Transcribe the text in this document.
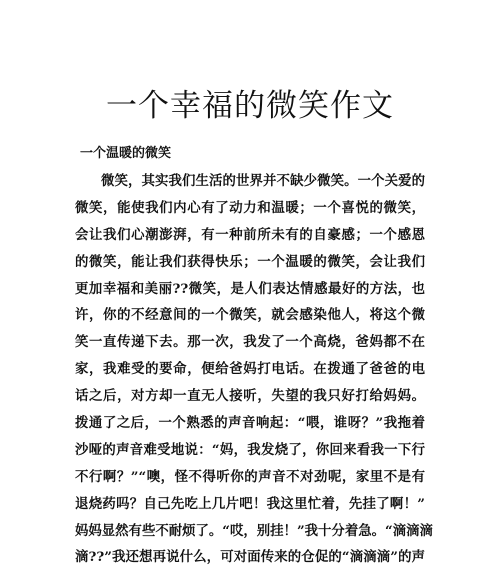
一个幸福的微笑作文
一个温暖的微笑
微笑，其实我们生活的世界并不缺少微笑。一个关爱的
微笑，能使我们内心有了动力和温暖；一个喜悦的微笑，
会让我们心潮澎湃，有一种前所未有的自豪感；一个感恩
的微笑，能让我们获得快乐；一个温暖的微笑，会让我们
更加幸福和美丽??微笑，是人们表达情感最好的方法，也
许，你的不经意间的一个微笑，就会感染他人，将这个微
笑一直传递下去。那一次，我发了一个高烧，爸妈都不在
家，我难受的要命，便给爸妈打电话。在拨通了爸爸的电
话之后，对方却一直无人接听，失望的我只好打给妈妈。
拨通了之后，一个熟悉的声音响起：“喂，谁呀？”我拖着
沙哑的声音难受地说：“妈，我发烧了，你回来看我一下行
不行啊？”“噢，怪不得听你的声音不对劲呢，家里不是有
退烧药吗？自己先吃上几片吧！我这里忙着，先挂了啊！”
妈妈显然有些不耐烦了。“哎，别挂！”我十分着急。“滴滴滴
滴??”我还想再说什么，可对面传来的仓促的“滴滴滴”的声
